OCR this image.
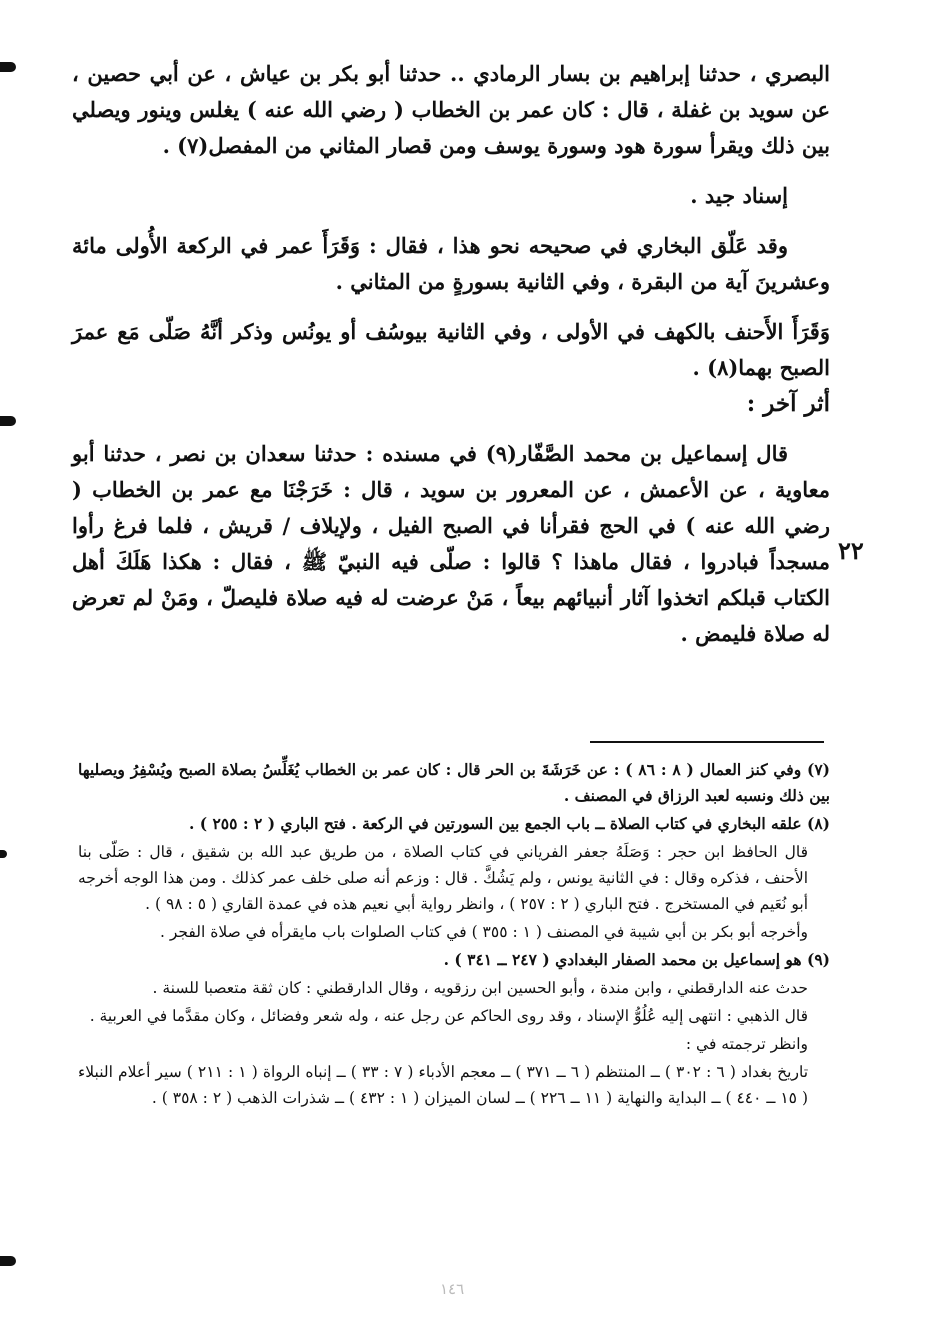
البصري ، حدثنا إبراهيم بن بسار الرمادي .. حدثنا أبو بكر بن عياش ، عن أبي حصين ، عن سويد بن غفلة ، قال : كان عمر بن الخطاب ( رضي الله عنه ) يغلس وينور ويصلي بين ذلك ويقرأ سورة هود وسورة يوسف ومن قصار المثاني من المفصل(٧) .

إسناد جيد .

وقد عَلّق البخاري في صحيحه نحو هذا ، فقال : وَقَرَأَ عمر في الركعة الأُولى مائة وعشرينَ آية من البقرة ، وفي الثانية بسورةٍ من المثاني .

وَقَرَأَ الأَحنف بالكهف في الأولى ، وفي الثانية بيوسُف أو يونُس وذكر أنَّهُ صَلّى مَع عمرَ الصبح بهما(٨) .

أثر آخر :

قال إسماعيل بن محمد الصَّفّار(٩) في مسنده : حدثنا سعدان بن نصر ، حدثنا أبو معاوية ، عن الأعمش ، عن المعرور بن سويد ، قال : خَرَجْنَا مع عمر بن الخطاب ( رضي الله عنه ) في الحج فقرأنا في الصبح الفيل ، ولإيلاف / قريش ، فلما فرغ رأوا مسجداً فبادروا ، فقال ماهذا ؟ قالوا : صلّى فيه النبيّ ﷺ ، فقال : هكذا هَلَكَ أهل الكتاب قبلكم اتخذوا آثار أنبيائهم بيعاً ، مَنْ عرضت له فيه صلاة فليصلّ ، ومَنْ لم تعرض له صلاة فليمض .

٢٢

(٧) وفي كنز العمال ( ٨ : ٨٦ ) : عن خَرَشَةَ بن الحر قال : كان عمر بن الخطاب يُغَلِّسُ بصلاة الصبح ويُسْفِرُ ويصليها بين ذلك ونسبه لعبد الرزاق في المصنف .

(٨) علقه البخاري في كتاب الصلاة ــ باب الجمع بين السورتين في الركعة . فتح الباري ( ٢ : ٢٥٥ ) .

قال الحافظ ابن حجر : وَصَلَهُ جعفر الفرياني في كتاب الصلاة ، من طريق عبد الله بن شقيق ، قال : صَلّى بنا الأحنف ، فذكره وقال : في الثانية يونس ، ولم يَشُكَّ . قال : وزعم أنه صلى خلف عمر كذلك . ومن هذا الوجه أخرجه أبو نُعَيم في المستخرج . فتح الباري ( ٢ : ٢٥٧ ) ، وانظر رواية أبي نعيم هذه في عمدة القاري ( ٥ : ٩٨ ) .

وأخرجه أبو بكر بن أبي شيبة في المصنف ( ١ : ٣٥٥ ) في كتاب الصلوات باب مايقرأه في صلاة الفجر .

(٩) هو إسماعيل بن محمد الصفار البغدادي ( ٢٤٧ ــ ٣٤١ ) .

حدث عنه الدارقطني ، وابن مندة ، وأبو الحسين ابن رزقويه ، وقال الدارقطني : كان ثقة متعصبا للسنة .

قال الذهبي : انتهى إليه عُلُوُّ الإسناد ، وقد روى الحاكم عن رجل عنه ، وله شعر وفضائل ، وكان مقدَّما في العربية .

وانظر ترجمته في :

تاريخ بغداد ( ٦ : ٣٠٢ ) ــ المنتظم ( ٦ ــ ٣٧١ ) ــ معجم الأدباء ( ٧ : ٣٣ ) ــ إنباه الرواة ( ١ : ٢١١ ) سير أعلام النبلاء ( ١٥ ــ ٤٤٠ ) ــ البداية والنهاية ( ١١ ــ ٢٢٦ ) ــ لسان الميزان ( ١ : ٤٣٢ ) ــ شذرات الذهب ( ٢ : ٣٥٨ ) .

١٤٦
